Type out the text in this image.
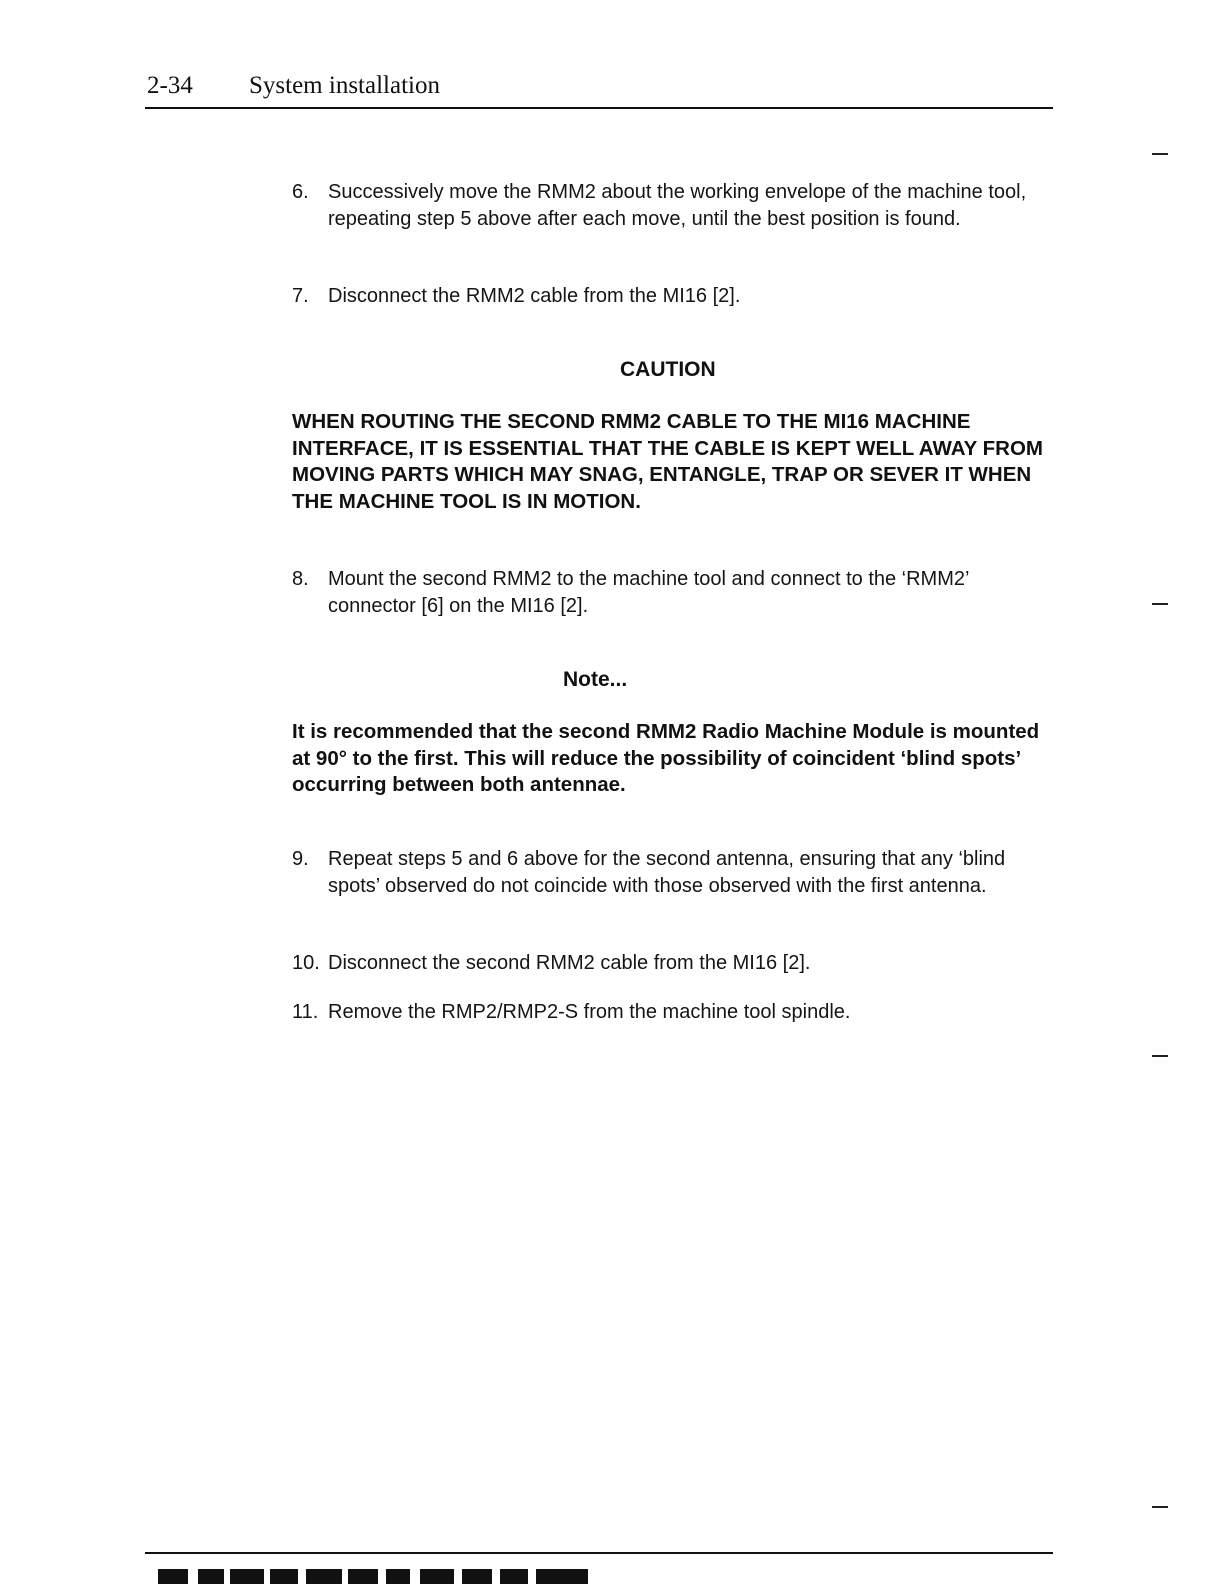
2-34 System installation
6. Successively move the RMM2 about the working envelope of the machine tool, repeating step 5 above after each move, until the best position is found.
7. Disconnect the RMM2 cable from the MI16 [2].
CAUTION
WHEN ROUTING THE SECOND RMM2 CABLE TO THE MI16 MACHINE INTERFACE, IT IS ESSENTIAL THAT THE CABLE IS KEPT WELL AWAY FROM MOVING PARTS WHICH MAY SNAG, ENTANGLE, TRAP OR SEVER IT WHEN THE MACHINE TOOL IS IN MOTION.
8. Mount the second RMM2 to the machine tool and connect to the ‘RMM2’ connector [6] on the MI16 [2].
Note...
It is recommended that the second RMM2 Radio Machine Module is mounted at 90° to the first. This will reduce the possibility of coincident ‘blind spots’ occurring between both antennae.
9. Repeat steps 5 and 6 above for the second antenna, ensuring that any ‘blind spots’ observed do not coincide with those observed with the first antenna.
10. Disconnect the second RMM2 cable from the MI16 [2].
11. Remove the RMP2/RMP2-S from the machine tool spindle.
